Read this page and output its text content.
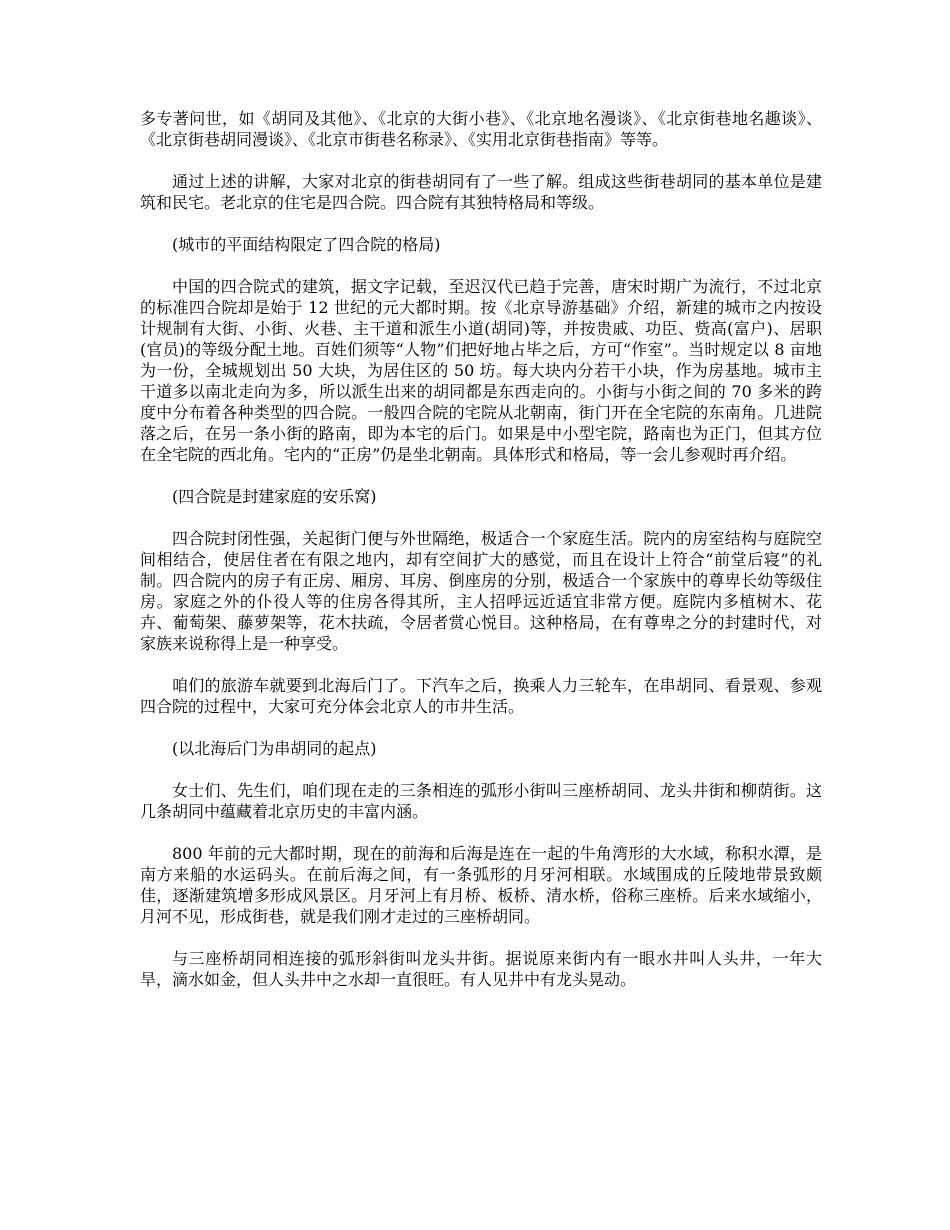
多专著问世，如《胡同及其他》、《北京的大街小巷》、《北京地名漫谈》、《北京街巷地名趣谈》、《北京街巷胡同漫谈》、《北京市街巷名称录》、《实用北京街巷指南》等等。

通过上述的讲解，大家对北京的街巷胡同有了一些了解。组成这些街巷胡同的基本单位是建筑和民宅。老北京的住宅是四合院。四合院有其独特格局和等级。

(城市的平面结构限定了四合院的格局)

中国的四合院式的建筑，据文字记载，至迟汉代已趋于完善，唐宋时期广为流行，不过北京的标准四合院却是始于 12 世纪的元大都时期。按《北京导游基础》介绍，新建的城市之内按设计规制有大街、小街、火巷、主干道和派生小道(胡同)等，并按贵戚、功臣、赀高(富户)、居职(官员)的等级分配土地。百姓们须等“人物”们把好地占毕之后，方可“作室”。当时规定以 8 亩地为一份，全城规划出 50 大块，为居住区的 50 坊。每大块内分若干小块，作为房基地。城市主干道多以南北走向为多，所以派生出来的胡同都是东西走向的。小街与小街之间的 70 多米的跨度中分布着各种类型的四合院。一般四合院的宅院从北朝南，街门开在全宅院的东南角。几进院落之后，在另一条小街的路南，即为本宅的后门。如果是中小型宅院，路南也为正门，但其方位在全宅院的西北角。宅内的“正房”仍是坐北朝南。具体形式和格局，等一会儿参观时再介绍。

(四合院是封建家庭的安乐窝)

四合院封闭性强，关起街门便与外世隔绝，极适合一个家庭生活。院内的房室结构与庭院空间相结合，使居住者在有限之地内，却有空间扩大的感觉，而且在设计上符合“前堂后寝”的礼制。四合院内的房子有正房、厢房、耳房、倒座房的分别，极适合一个家族中的尊卑长幼等级住房。家庭之外的仆役人等的住房各得其所，主人招呼远近适宜非常方便。庭院内多植树木、花卉、葡萄架、藤萝架等，花木扶疏，令居者赏心悦目。这种格局，在有尊卑之分的封建时代，对家族来说称得上是一种享受。

咱们的旅游车就要到北海后门了。下汽车之后，换乘人力三轮车，在串胡同、看景观、参观四合院的过程中，大家可充分体会北京人的市井生活。

(以北海后门为串胡同的起点)

女士们、先生们，咱们现在走的三条相连的弧形小街叫三座桥胡同、龙头井街和柳荫街。这几条胡同中蕴藏着北京历史的丰富内涵。

800 年前的元大都时期，现在的前海和后海是连在一起的牛角湾形的大水域，称积水潭，是南方来船的水运码头。在前后海之间，有一条弧形的月牙河相联。水域围成的丘陵地带景致颇佳，逐渐建筑增多形成风景区。月牙河上有月桥、板桥、清水桥，俗称三座桥。后来水域缩小，月河不见，形成街巷，就是我们刚才走过的三座桥胡同。

与三座桥胡同相连接的弧形斜街叫龙头井街。据说原来街内有一眼水井叫人头井，一年大旱，滴水如金，但人头井中之水却一直很旺。有人见井中有龙头晃动。
